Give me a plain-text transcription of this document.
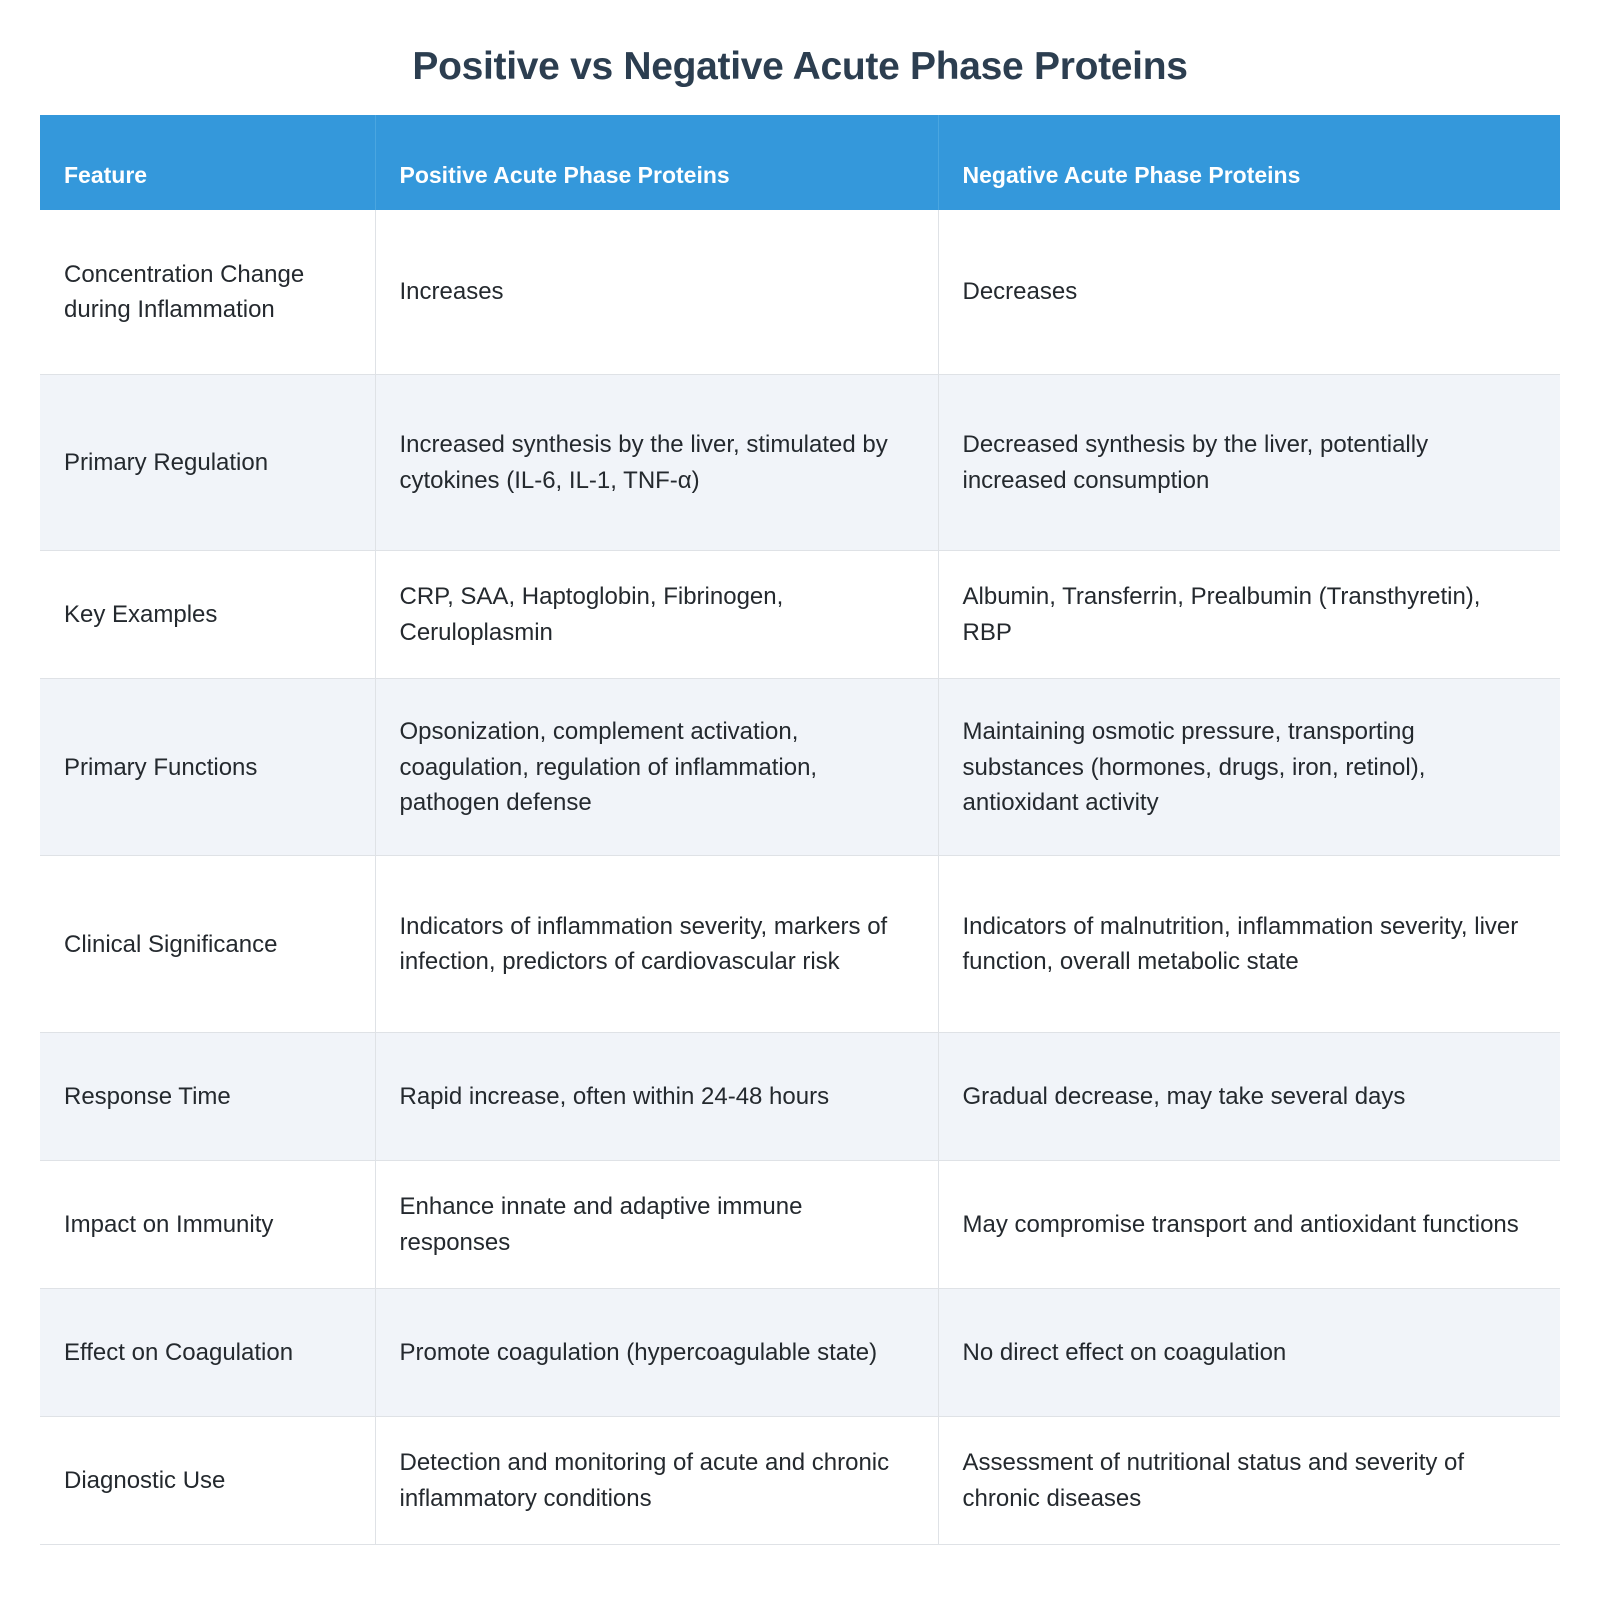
Positive vs Negative Acute Phase Proteins
Feature	Positive Acute Phase Proteins	Negative Acute Phase Proteins
Concentration Change during Inflammation	Increases	Decreases
Primary Regulation	Increased synthesis by the liver, stimulated by cytokines (IL-6, IL-1, TNF-α)	Decreased synthesis by the liver, potentially increased consumption
Key Examples	CRP, SAA, Haptoglobin, Fibrinogen, Ceruloplasmin	Albumin, Transferrin, Prealbumin (Transthyretin), RBP
Primary Functions	Opsonization, complement activation, coagulation, regulation of inflammation, pathogen defense	Maintaining osmotic pressure, transporting substances (hormones, drugs, iron, retinol), antioxidant activity
Clinical Significance	Indicators of inflammation severity, markers of infection, predictors of cardiovascular risk	Indicators of malnutrition, inflammation severity, liver function, overall metabolic state
Response Time	Rapid increase, often within 24-48 hours	Gradual decrease, may take several days
Impact on Immunity	Enhance innate and adaptive immune responses	May compromise transport and antioxidant functions
Effect on Coagulation	Promote coagulation (hypercoagulable state)	No direct effect on coagulation
Diagnostic Use	Detection and monitoring of acute and chronic inflammatory conditions	Assessment of nutritional status and severity of chronic diseases
